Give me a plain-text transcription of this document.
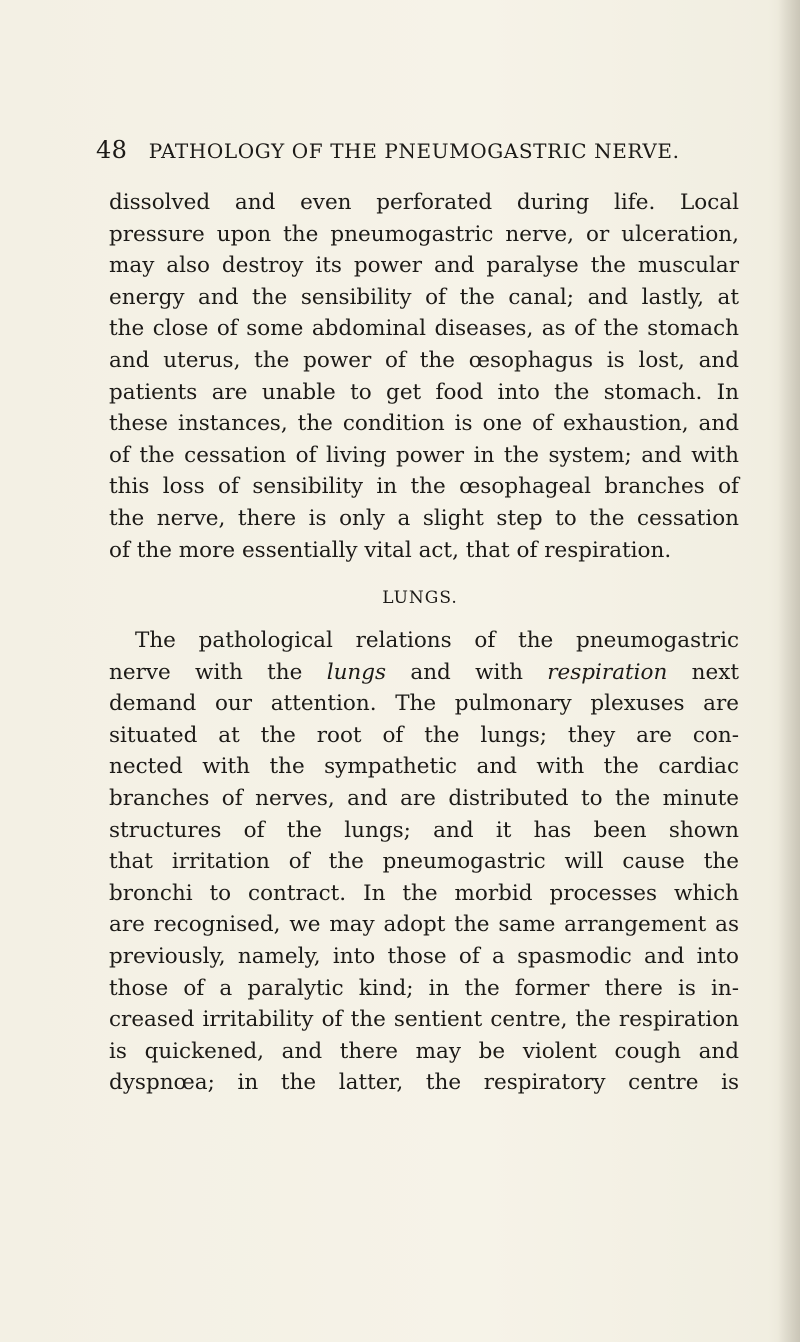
48 PATHOLOGY OF THE PNEUMOGASTRIC NERVE.
dissolved and even perforated during life. Local
pressure upon the pneumogastric nerve, or ulceration,
may also destroy its power and paralyse the muscular
energy and the sensibility of the canal; and lastly, at
the close of some abdominal diseases, as of the stomach
and uterus, the power of the œsophagus is lost, and
patients are unable to get food into the stomach. In
these instances, the condition is one of exhaustion, and
of the cessation of living power in the system; and with
this loss of sensibility in the œsophageal branches of
the nerve, there is only a slight step to the cessation
of the more essentially vital act, that of respiration.
LUNGS.
The pathological relations of the pneumogastric
nerve with the lungs and with respiration next
demand our attention. The pulmonary plexuses are
situated at the root of the lungs; they are con-
nected with the sympathetic and with the cardiac
branches of nerves, and are distributed to the minute
structures of the lungs; and it has been shown
that irritation of the pneumogastric will cause the
bronchi to contract. In the morbid processes which
are recognised, we may adopt the same arrangement as
previously, namely, into those of a spasmodic and into
those of a paralytic kind; in the former there is in-
creased irritability of the sentient centre, the respiration
is quickened, and there may be violent cough and
dyspnœa; in the latter, the respiratory centre is
